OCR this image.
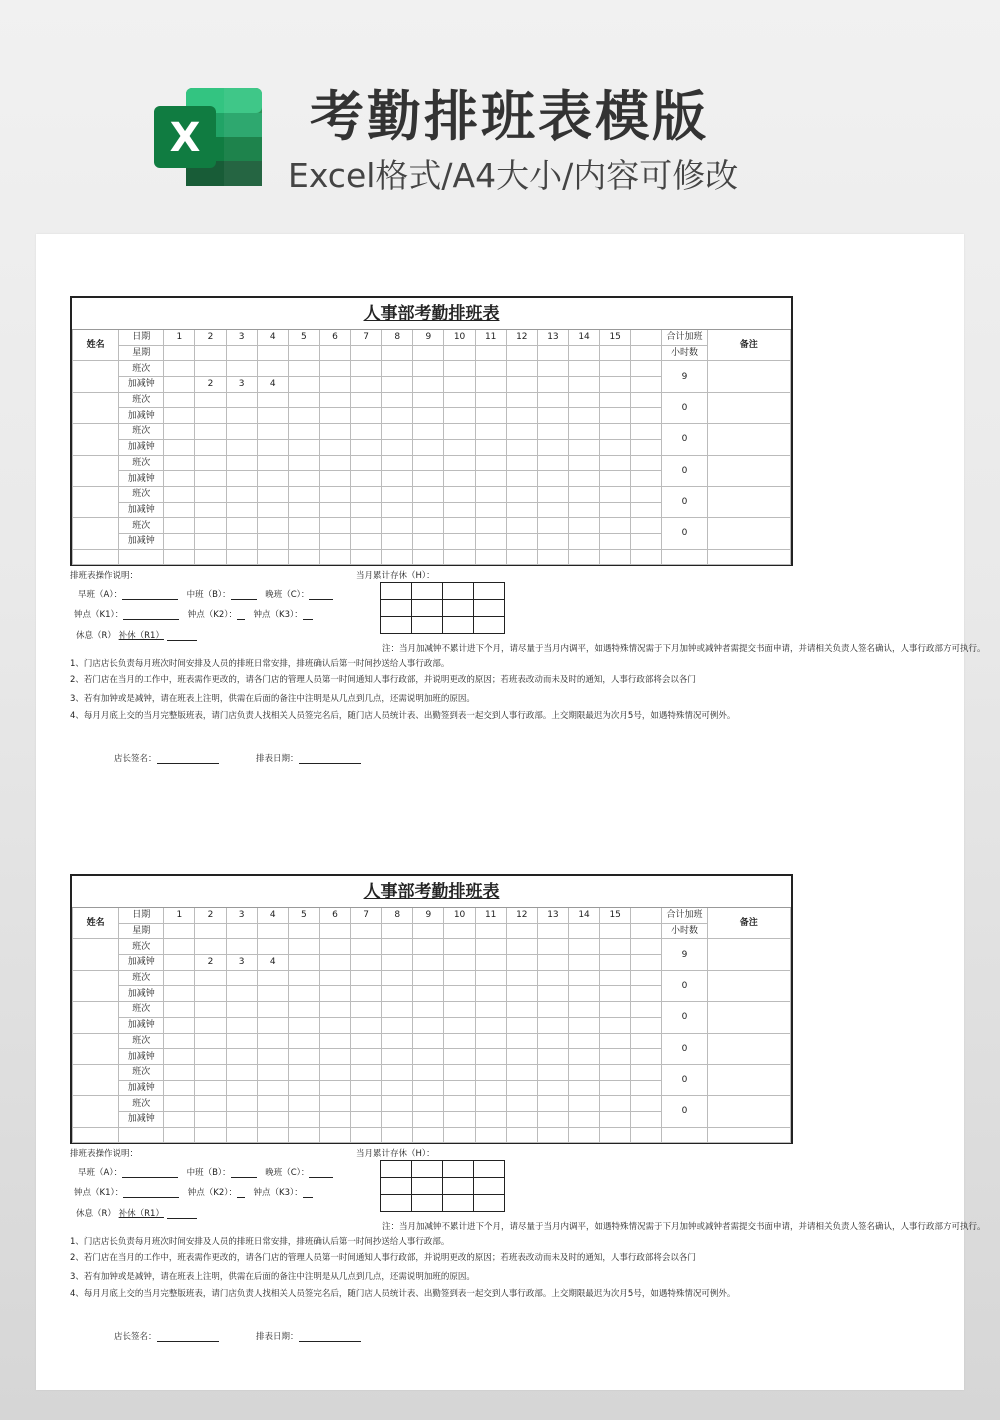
X 考勤排班表模版
Excel格式/A4大小/内容可修改
人事部考勤排班表																			
姓名	日期	1	2	3	4	5	6	7	8	9	10	11	12	13	14	15		合计加班	备注
	星期																	小时数	
	班次																	9	
	加减钟		2	3	4														
	班次																	0	
	加减钟																		
	班次																	0	
	加减钟																		
	班次																	0	
	加减钟																		
	班次																	0	
	加减钟																		
	班次																	0	
	加减钟																		

排班表操作说明：	当月累计存休（H）：
早班（A）：　	中班（B）：　	晚班（C）：
钟点（K1）：　	钟点（K2）：　 钟点（K3）：
休息（R） 补休（R1）

注：当月加减钟不累计进下个月，请尽量于当月内调平，如遇特殊情况需于下月加钟或减钟者需提交书面申请，并请相关负责人签名确认，人事行政部方可执行。
1、门店店长负责每月班次时间安排及人员的排班日常安排，排班确认后第一时间抄送给人事行政部。
2、若门店在当月的工作中，班表需作更改的，请各门店的管理人员第一时间通知人事行政部，并说明更改的原因；若班表改动而未及时的通知，人事行政部将会以各门
3、若有加钟或是减钟，请在班表上注明，供需在后面的备注中注明是从几点到几点，还需说明加班的原因。
4、每月月底上交的当月完整版班表，请门店负责人找相关人员签完名后，随门店人员统计表、出勤签到表一起交到人事行政部。上交期限最迟为次月5号，如遇特殊情况可例外。
店长签名：	排表日期：
人事部考勤排班表																			
姓名	日期	1	2	3	4	5	6	7	8	9	10	11	12	13	14	15		合计加班	备注
	星期																	小时数	
	班次																	9	
	加减钟		2	3	4														
	班次																	0	
	加减钟																		
	班次																	0	
	加减钟																		
	班次																	0	
	加减钟																		
	班次																	0	
	加减钟																		
	班次																	0	
	加减钟																		

排班表操作说明：	当月累计存休（H）：
早班（A）：　	中班（B）：　	晚班（C）：
钟点（K1）：　	钟点（K2）：　 钟点（K3）：
休息（R） 补休（R1）

注：当月加减钟不累计进下个月，请尽量于当月内调平，如遇特殊情况需于下月加钟或减钟者需提交书面申请，并请相关负责人签名确认，人事行政部方可执行。
1、门店店长负责每月班次时间安排及人员的排班日常安排，排班确认后第一时间抄送给人事行政部。
2、若门店在当月的工作中，班表需作更改的，请各门店的管理人员第一时间通知人事行政部，并说明更改的原因；若班表改动而未及时的通知，人事行政部将会以各门
3、若有加钟或是减钟，请在班表上注明，供需在后面的备注中注明是从几点到几点，还需说明加班的原因。
4、每月月底上交的当月完整版班表，请门店负责人找相关人员签完名后，随门店人员统计表、出勤签到表一起交到人事行政部。上交期限最迟为次月5号，如遇特殊情况可例外。
店长签名：	排表日期：
